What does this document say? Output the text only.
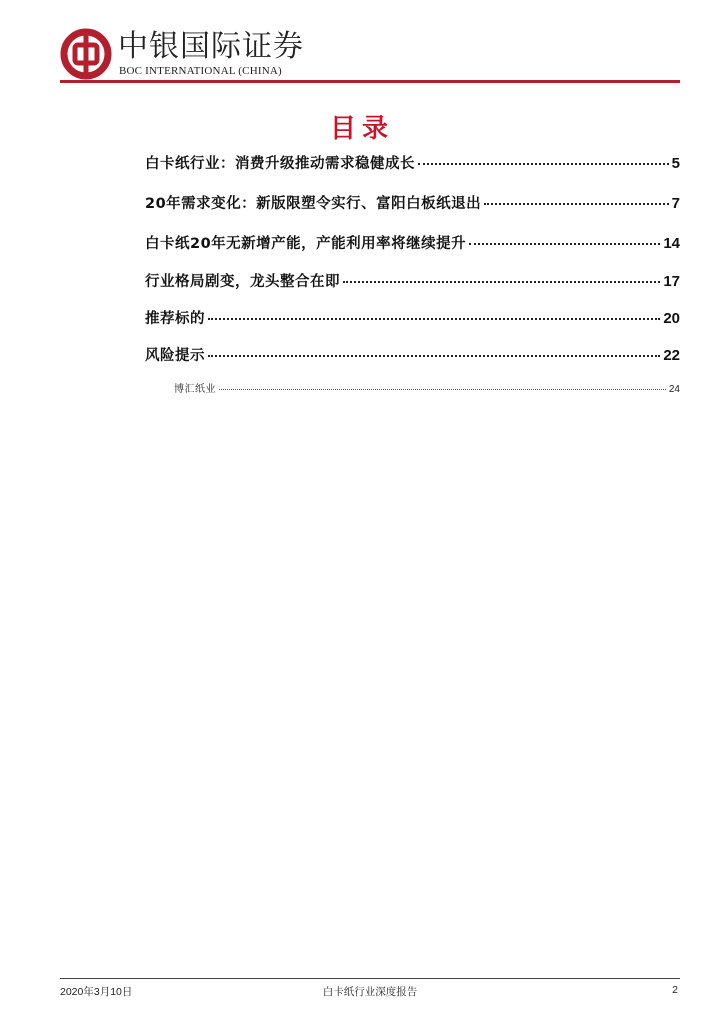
中银国际证券
BOC INTERNATIONAL (CHINA)
目录
白卡纸行业：消费升级推动需求稳健成长	5
20年需求变化：新版限塑令实行、富阳白板纸退出	7
白卡纸20年无新增产能，产能利用率将继续提升	14
行业格局剧变，龙头整合在即	17
推荐标的	20
风险提示	22
博汇纸业	24
2020年3月10日	白卡纸行业深度报告	2
